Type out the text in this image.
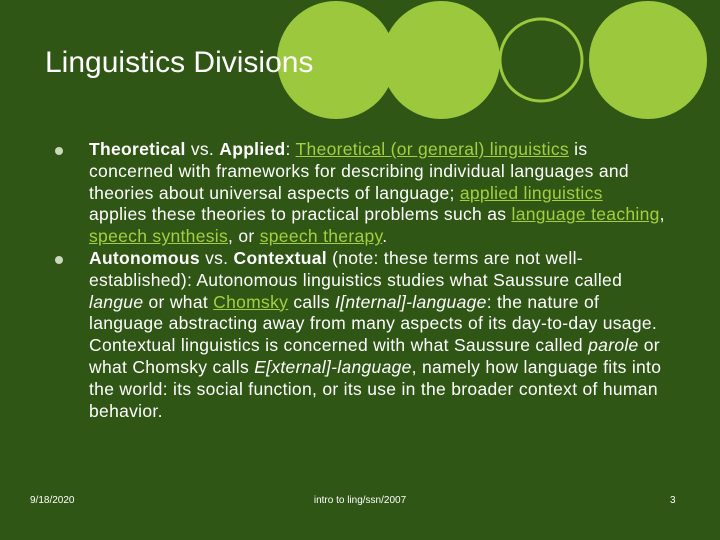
Linguistics Divisions
Theoretical vs. Applied: Theoretical (or general) linguistics is concerned with frameworks for describing individual languages and theories about universal aspects of language; applied linguistics applies these theories to practical problems such as language teaching, speech synthesis, or speech therapy.
Autonomous vs. Contextual (note: these terms are not well-established): Autonomous linguistics studies what Saussure called langue or what Chomsky calls I[nternal]-language: the nature of language abstracting away from many aspects of its day-to-day usage. Contextual linguistics is concerned with what Saussure called parole or what Chomsky calls E[xternal]-language, namely how language fits into the world: its social function, or its use in the broader context of human behavior.
9/18/2020	intro to ling/ssn/2007	3
